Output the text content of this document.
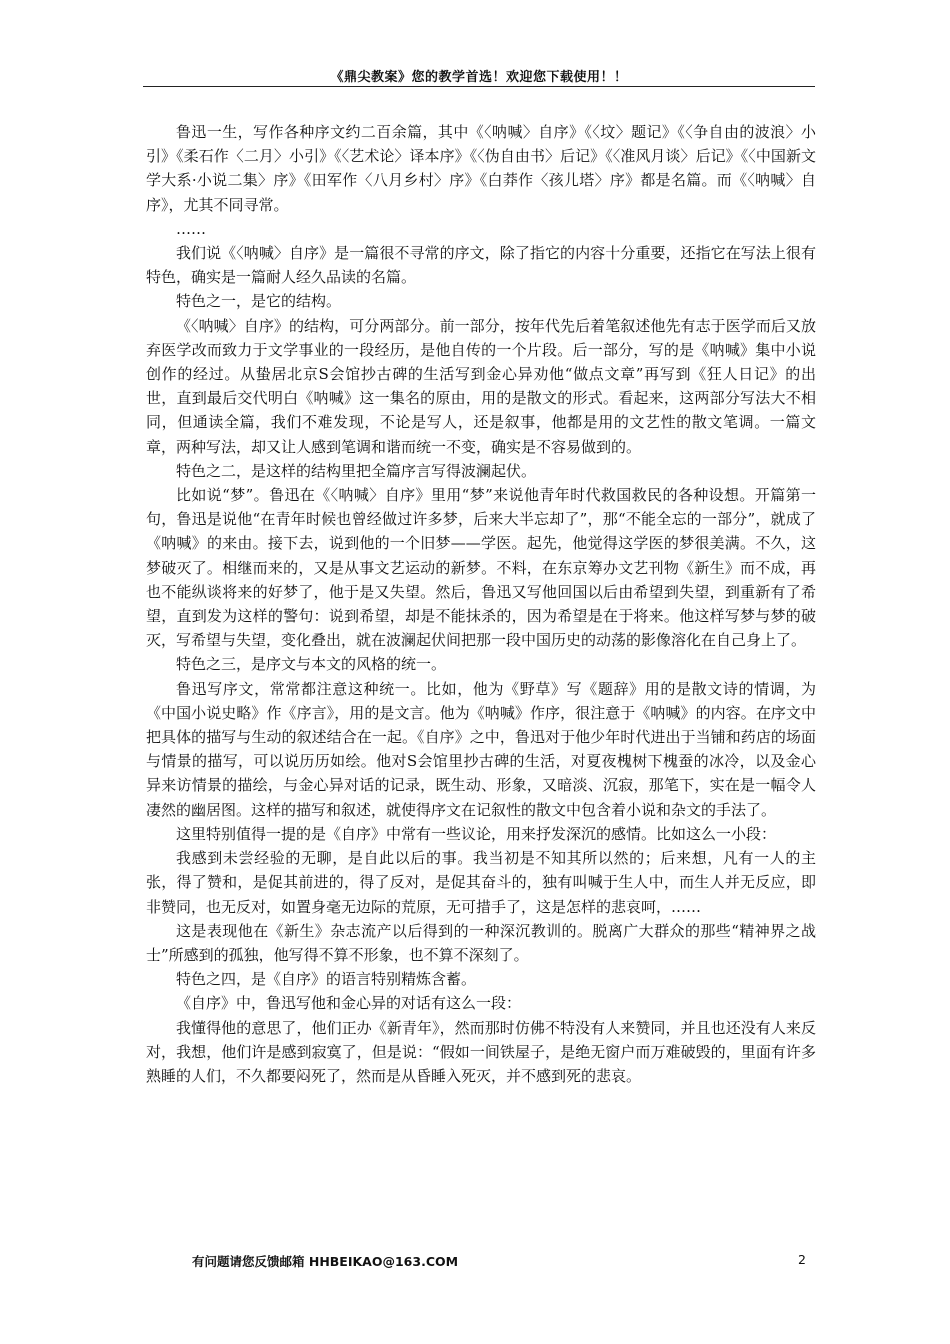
《鼎尖教案》您的教学首选！欢迎您下载使用！！

鲁迅一生，写作各种序文约二百余篇，其中《〈呐喊〉自序》《〈坟〉题记》《〈争自由的波浪〉小引》《柔石作〈二月〉小引》《〈艺术论〉译本序》《〈伪自由书〉后记》《〈准风月谈〉后记》《〈中国新文学大系·小说二集〉序》《田军作〈八月乡村〉序》《白莽作〈孩儿塔〉序》都是名篇。而《〈呐喊〉自序》，尤其不同寻常。

……

我们说《〈呐喊〉自序》是一篇很不寻常的序文，除了指它的内容十分重要，还指它在写法上很有特色，确实是一篇耐人经久品读的名篇。

特色之一，是它的结构。

《〈呐喊〉自序》的结构，可分两部分。前一部分，按年代先后着笔叙述他先有志于医学而后又放弃医学改而致力于文学事业的一段经历，是他自传的一个片段。后一部分，写的是《呐喊》集中小说创作的经过。从蛰居北京S会馆抄古碑的生活写到金心异劝他“做点文章”再写到《狂人日记》的出世，直到最后交代明白《呐喊》这一集名的原由，用的是散文的形式。看起来，这两部分写法大不相同，但通读全篇，我们不难发现，不论是写人，还是叙事，他都是用的文艺性的散文笔调。一篇文章，两种写法，却又让人感到笔调和谐而统一不变，确实是不容易做到的。

特色之二，是这样的结构里把全篇序言写得波澜起伏。

比如说“梦”。鲁迅在《〈呐喊〉自序》里用“梦”来说他青年时代救国救民的各种设想。开篇第一句，鲁迅是说他“在青年时候也曾经做过许多梦，后来大半忘却了”，那“不能全忘的一部分”，就成了《呐喊》的来由。接下去，说到他的一个旧梦——学医。起先，他觉得这学医的梦很美满。不久，这梦破灭了。相继而来的，又是从事文艺运动的新梦。不料，在东京筹办文艺刊物《新生》而不成，再也不能纵谈将来的好梦了，他于是又失望。然后，鲁迅又写他回国以后由希望到失望，到重新有了希望，直到发为这样的警句：说到希望，却是不能抹杀的，因为希望是在于将来。他这样写梦与梦的破灭，写希望与失望，变化叠出，就在波澜起伏间把那一段中国历史的动荡的影像溶化在自己身上了。

特色之三，是序文与本文的风格的统一。

鲁迅写序文，常常都注意这种统一。比如，他为《野草》写《题辞》用的是散文诗的情调，为《中国小说史略》作《序言》，用的是文言。他为《呐喊》作序，很注意于《呐喊》的内容。在序文中把具体的描写与生动的叙述结合在一起。《自序》之中，鲁迅对于他少年时代进出于当铺和药店的场面与情景的描写，可以说历历如绘。他对S会馆里抄古碑的生活，对夏夜槐树下槐蚕的冰冷，以及金心异来访情景的描绘，与金心异对话的记录，既生动、形象，又暗淡、沉寂，那笔下，实在是一幅令人凄然的幽居图。这样的描写和叙述，就使得序文在记叙性的散文中包含着小说和杂文的手法了。

这里特别值得一提的是《自序》中常有一些议论，用来抒发深沉的感情。比如这么一小段：

我感到未尝经验的无聊，是自此以后的事。我当初是不知其所以然的；后来想，凡有一人的主张，得了赞和，是促其前进的，得了反对，是促其奋斗的，独有叫喊于生人中，而生人并无反应，即非赞同，也无反对，如置身毫无边际的荒原，无可措手了，这是怎样的悲哀呵，……

这是表现他在《新生》杂志流产以后得到的一种深沉教训的。脱离广大群众的那些“精神界之战士”所感到的孤独，他写得不算不形象，也不算不深刻了。

特色之四，是《自序》的语言特别精炼含蓄。

《自序》中，鲁迅写他和金心异的对话有这么一段：

我懂得他的意思了，他们正办《新青年》，然而那时仿佛不特没有人来赞同，并且也还没有人来反对，我想，他们许是感到寂寞了，但是说：“假如一间铁屋子，是绝无窗户而万难破毁的，里面有许多熟睡的人们，不久都要闷死了，然而是从昏睡入死灭，并不感到死的悲哀。

有问题请您反馈邮箱 HHBEIKAO@163.COM	2
